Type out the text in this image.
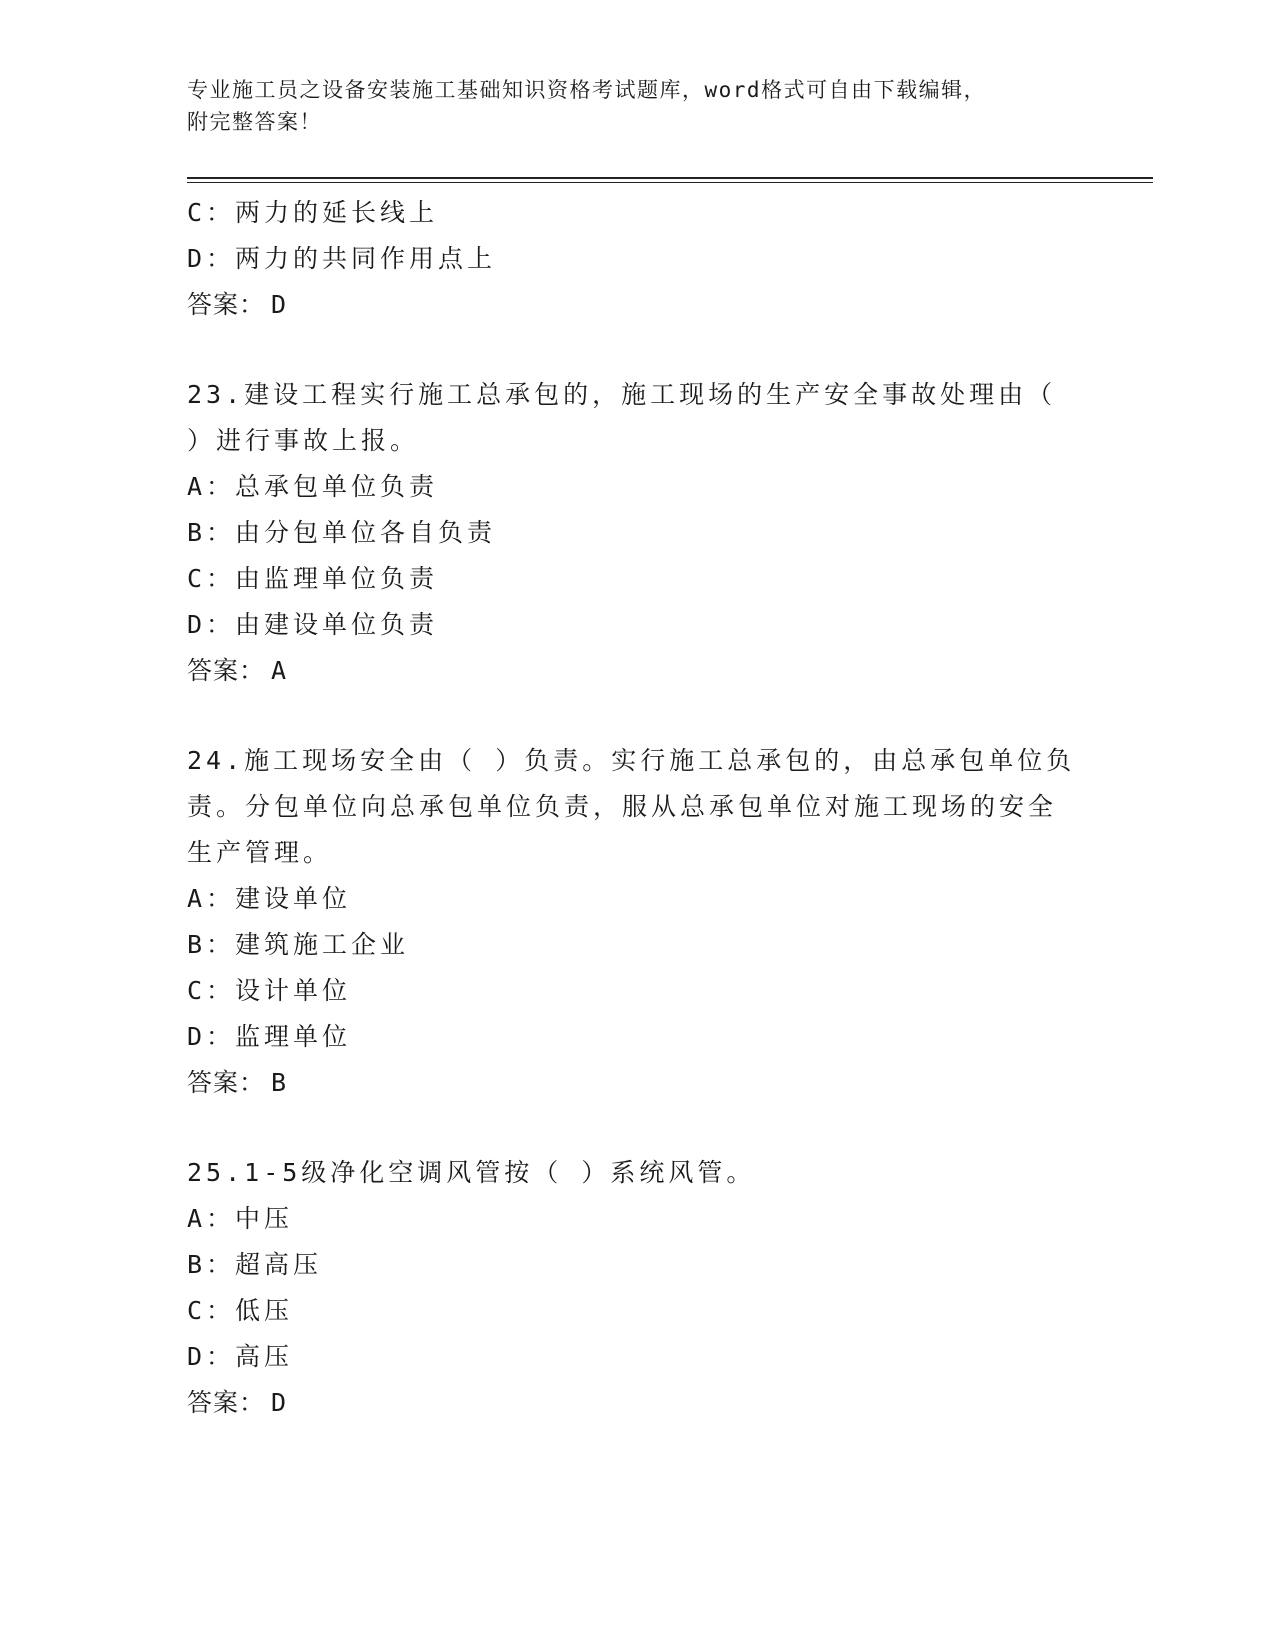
专业施工员之设备安装施工基础知识资格考试题库，word格式可自由下载编辑，
附完整答案！
C：两力的延长线上
D：两力的共同作用点上
答案： D
23.建设工程实行施工总承包的，施工现场的生产安全事故处理由（
）进行事故上报。
A：总承包单位负责
B：由分包单位各自负责
C：由监理单位负责
D：由建设单位负责
答案： A
24.施工现场安全由（ ）负责。实行施工总承包的，由总承包单位负
责。分包单位向总承包单位负责，服从总承包单位对施工现场的安全
生产管理。
A：建设单位
B：建筑施工企业
C：设计单位
D：监理单位
答案： B
25.1-5级净化空调风管按（ ）系统风管。
A：中压
B：超高压
C：低压
D：高压
答案： D
